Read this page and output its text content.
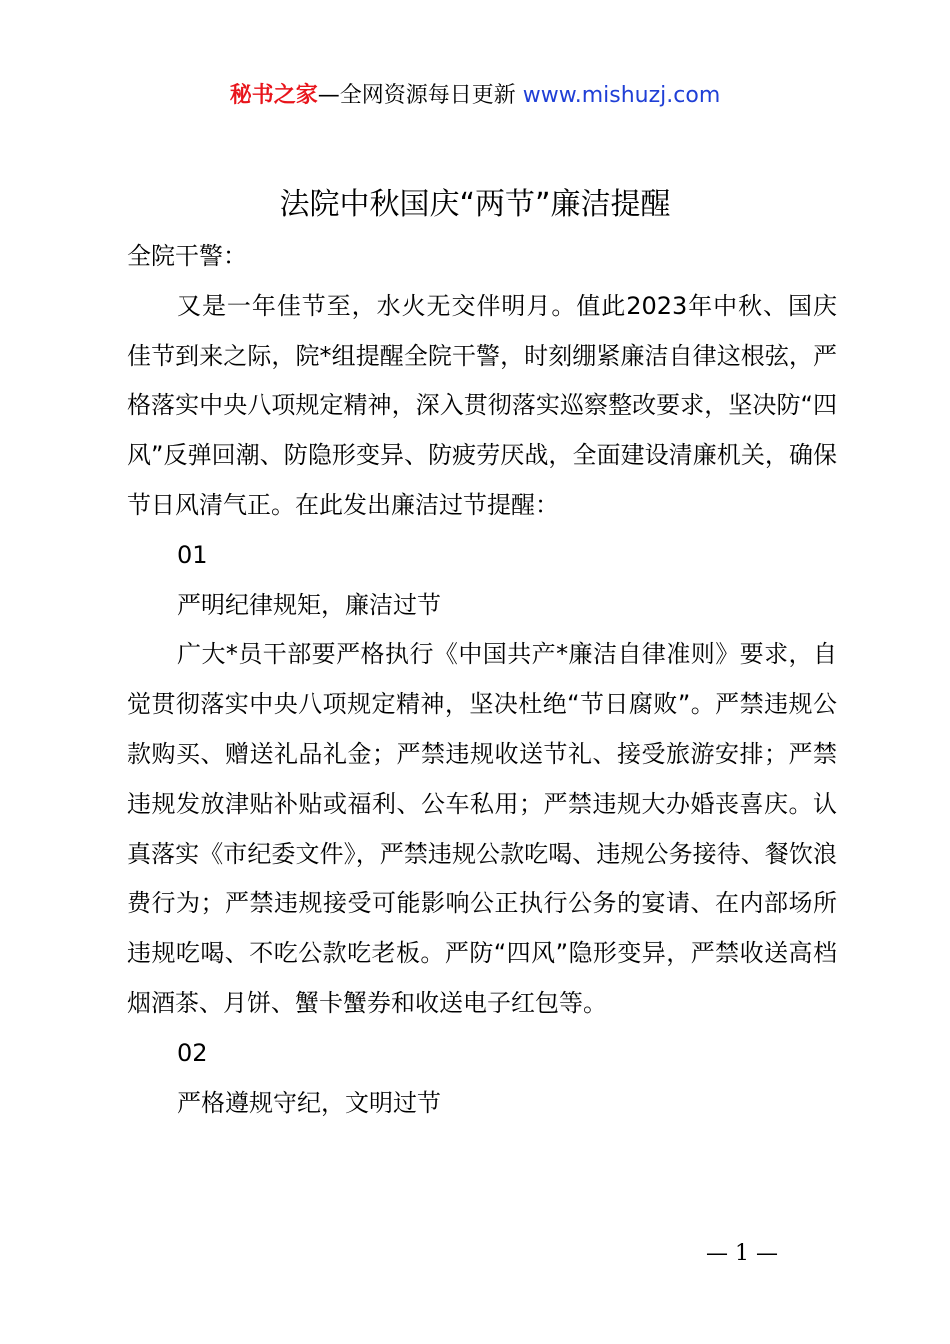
秘书之家—全网资源每日更新 www.mishuzj.com
法院中秋国庆“两节”廉洁提醒

全院干警：

又是一年佳节至，水火无交伴明月。值此2023年中秋、国庆佳节到来之际，院*组提醒全院干警，时刻绷紧廉洁自律这根弦，严格落实中央八项规定精神，深入贯彻落实巡察整改要求，坚决防“四风”反弹回潮、防隐形变异、防疲劳厌战，全面建设清廉机关，确保节日风清气正。在此发出廉洁过节提醒：

01

严明纪律规矩，廉洁过节

广大*员干部要严格执行《中国共产*廉洁自律准则》要求，自觉贯彻落实中央八项规定精神，坚决杜绝“节日腐败”。严禁违规公款购买、赠送礼品礼金；严禁违规收送节礼、接受旅游安排；严禁违规发放津贴补贴或福利、公车私用；严禁违规大办婚丧喜庆。认真落实《市纪委文件》，严禁违规公款吃喝、违规公务接待、餐饮浪费行为；严禁违规接受可能影响公正执行公务的宴请、在内部场所违规吃喝、不吃公款吃老板。严防“四风”隐形变异，严禁收送高档烟酒茶、月饼、蟹卡蟹券和收送电子红包等。

02

严格遵规守纪，文明过节

— 1 —
